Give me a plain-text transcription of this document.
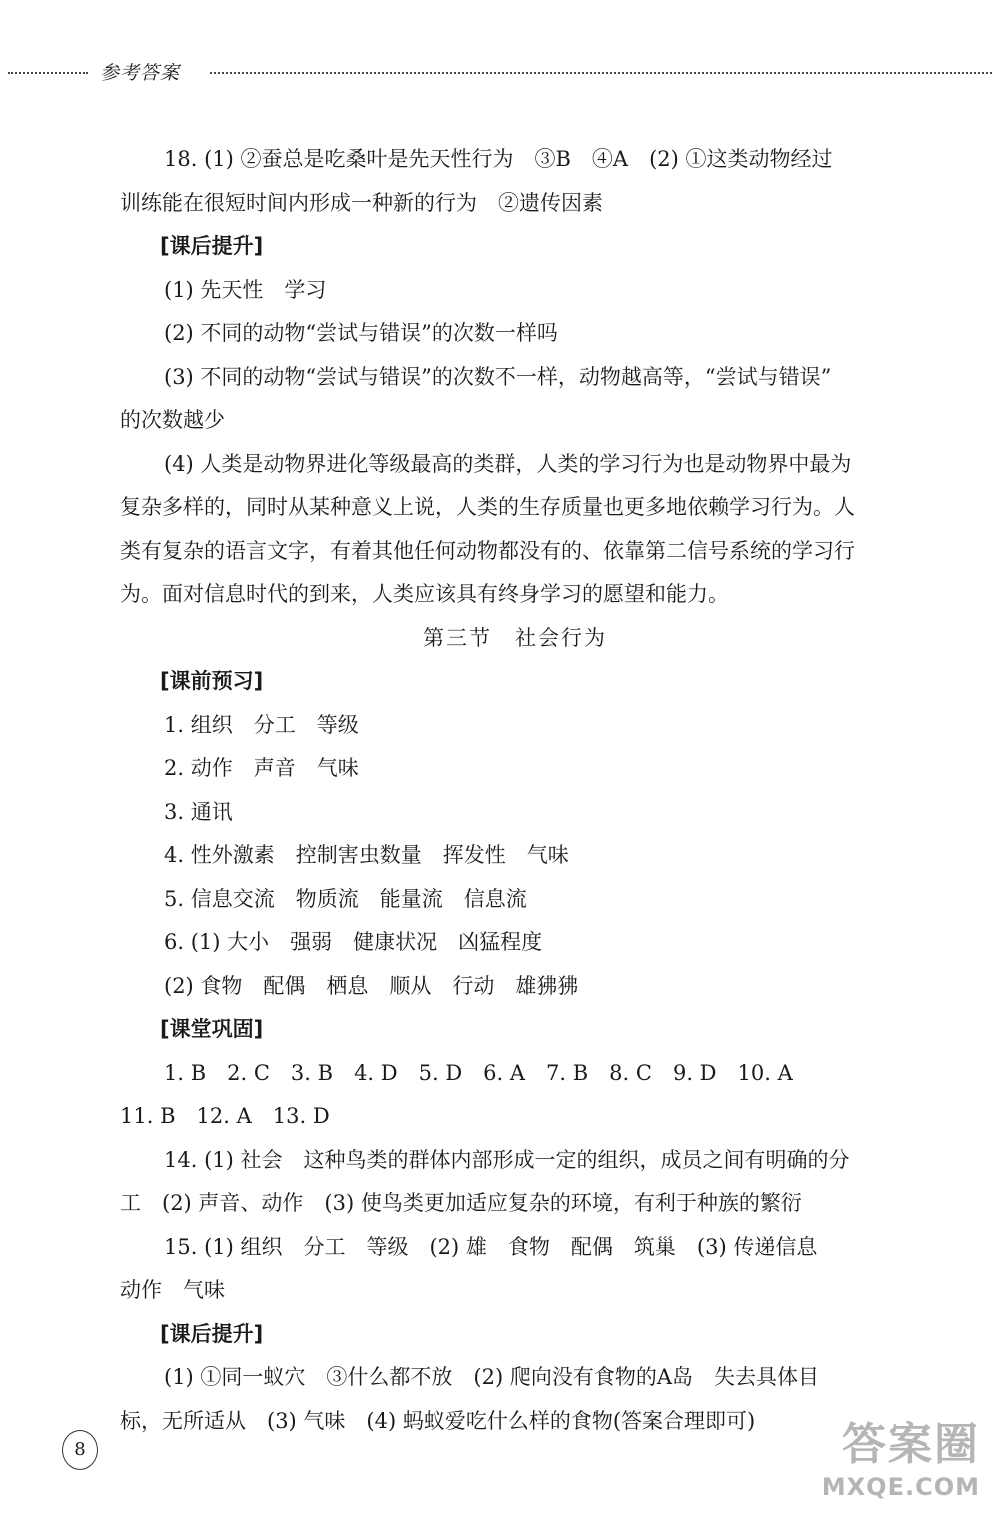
参考答案

18. (1) ②蚕总是吃桑叶是先天性行为　③B　④A　(2) ①这类动物经过

训练能在很短时间内形成一种新的行为　②遗传因素

[课后提升]

(1) 先天性　学习

(2) 不同的动物“尝试与错误”的次数一样吗

(3) 不同的动物“尝试与错误”的次数不一样，动物越高等，“尝试与错误”

的次数越少

(4) 人类是动物界进化等级最高的类群，人类的学习行为也是动物界中最为

复杂多样的，同时从某种意义上说，人类的生存质量也更多地依赖学习行为。人

类有复杂的语言文字，有着其他任何动物都没有的、依靠第二信号系统的学习行

为。面对信息时代的到来，人类应该具有终身学习的愿望和能力。

第三节　社会行为

[课前预习]

1. 组织　分工　等级

2. 动作　声音　气味

3. 通讯

4. 性外激素　控制害虫数量　挥发性　气味

5. 信息交流　物质流　能量流　信息流

6. (1) 大小　强弱　健康状况　凶猛程度

(2) 食物　配偶　栖息　顺从　行动　雄狒狒

[课堂巩固]

1. B　2. C　3. B　4. D　5. D　6. A　7. B　8. C　9. D　10. A

11. B　12. A　13. D

14. (1) 社会　这种鸟类的群体内部形成一定的组织，成员之间有明确的分

工　(2) 声音、动作　(3) 使鸟类更加适应复杂的环境，有利于种族的繁衍

15. (1) 组织　分工　等级　(2) 雄　食物　配偶　筑巢　(3) 传递信息

动作　气味

[课后提升]

(1) ①同一蚁穴　③什么都不放　(2) 爬向没有食物的A岛　失去具体目

标，无所适从　(3) 气味　(4) 蚂蚁爱吃什么样的食物(答案合理即可)

8	答案圈
MXQE.COM
